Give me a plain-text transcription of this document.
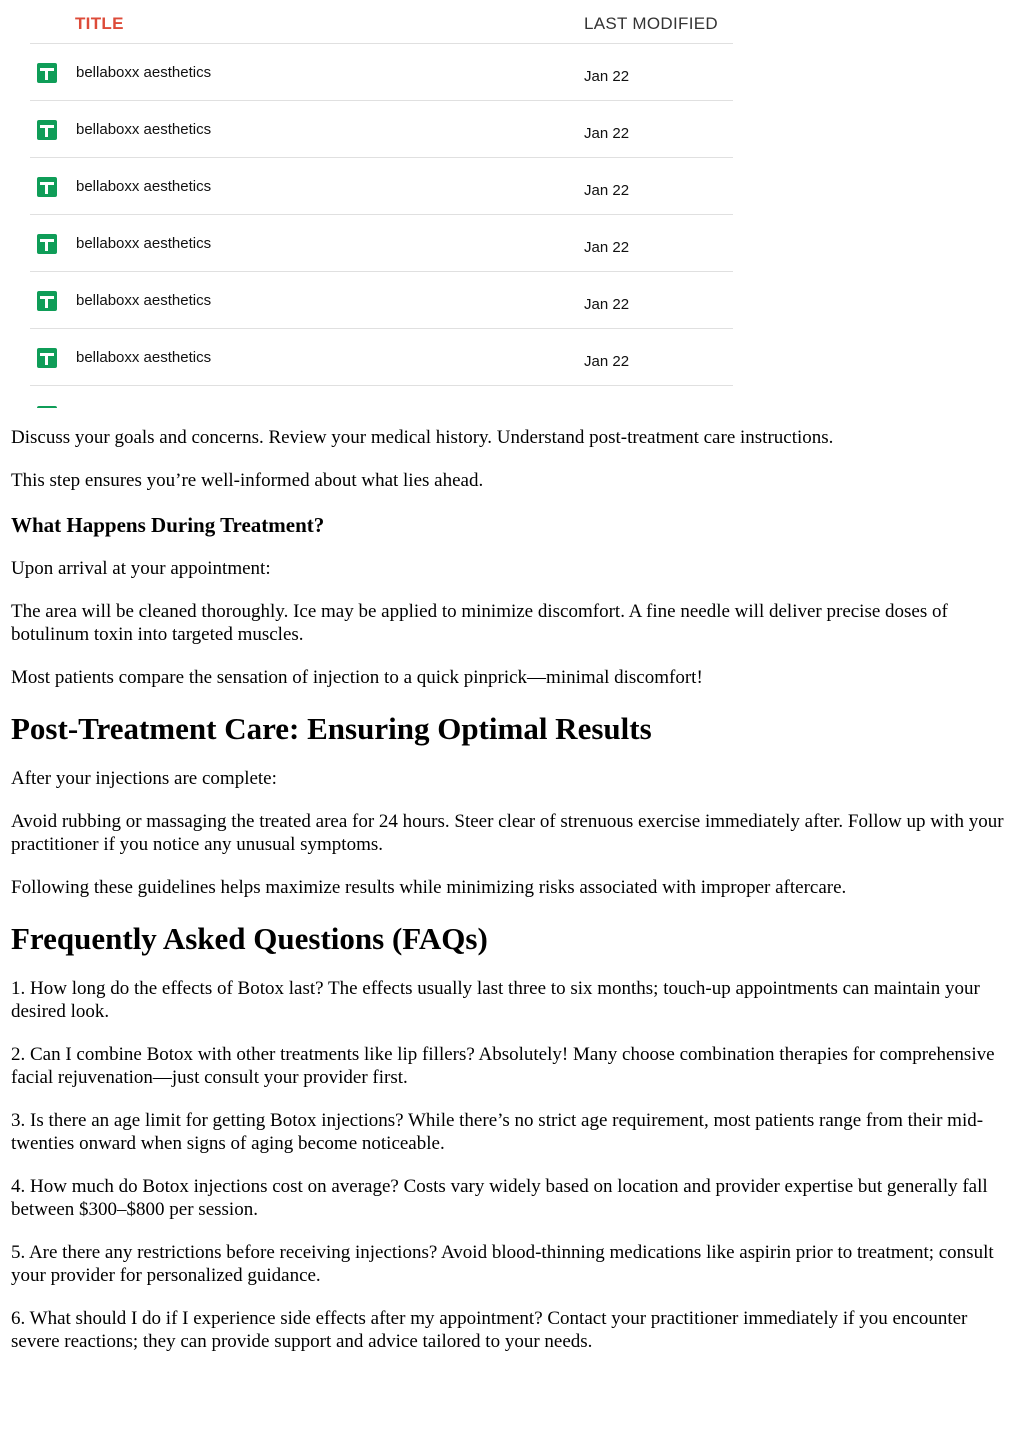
TITLE	LAST MODIFIED
bellaboxx aesthetics	Jan 22
bellaboxx aesthetics	Jan 22
bellaboxx aesthetics	Jan 22
bellaboxx aesthetics	Jan 22
bellaboxx aesthetics	Jan 22
bellaboxx aesthetics	Jan 22

Discuss your goals and concerns. Review your medical history. Understand post-treatment care instructions.

This step ensures you’re well-informed about what lies ahead.

What Happens During Treatment?

Upon arrival at your appointment:

The area will be cleaned thoroughly. Ice may be applied to minimize discomfort. A fine needle will deliver precise doses of botulinum toxin into targeted muscles.

Most patients compare the sensation of injection to a quick pinprick—minimal discomfort!

Post-Treatment Care: Ensuring Optimal Results

After your injections are complete:

Avoid rubbing or massaging the treated area for 24 hours. Steer clear of strenuous exercise immediately after. Follow up with your practitioner if you notice any unusual symptoms.

Following these guidelines helps maximize results while minimizing risks associated with improper aftercare.

Frequently Asked Questions (FAQs)

1. How long do the effects of Botox last? The effects usually last three to six months; touch-up appointments can maintain your desired look.

2. Can I combine Botox with other treatments like lip fillers? Absolutely! Many choose combination therapies for comprehensive facial rejuvenation—just consult your provider first.

3. Is there an age limit for getting Botox injections? While there’s no strict age requirement, most patients range from their mid-twenties onward when signs of aging become noticeable.

4. How much do Botox injections cost on average? Costs vary widely based on location and provider expertise but generally fall between $300–$800 per session.

5. Are there any restrictions before receiving injections? Avoid blood-thinning medications like aspirin prior to treatment; consult your provider for personalized guidance.

6. What should I do if I experience side effects after my appointment? Contact your practitioner immediately if you encounter severe reactions; they can provide support and advice tailored to your needs.
